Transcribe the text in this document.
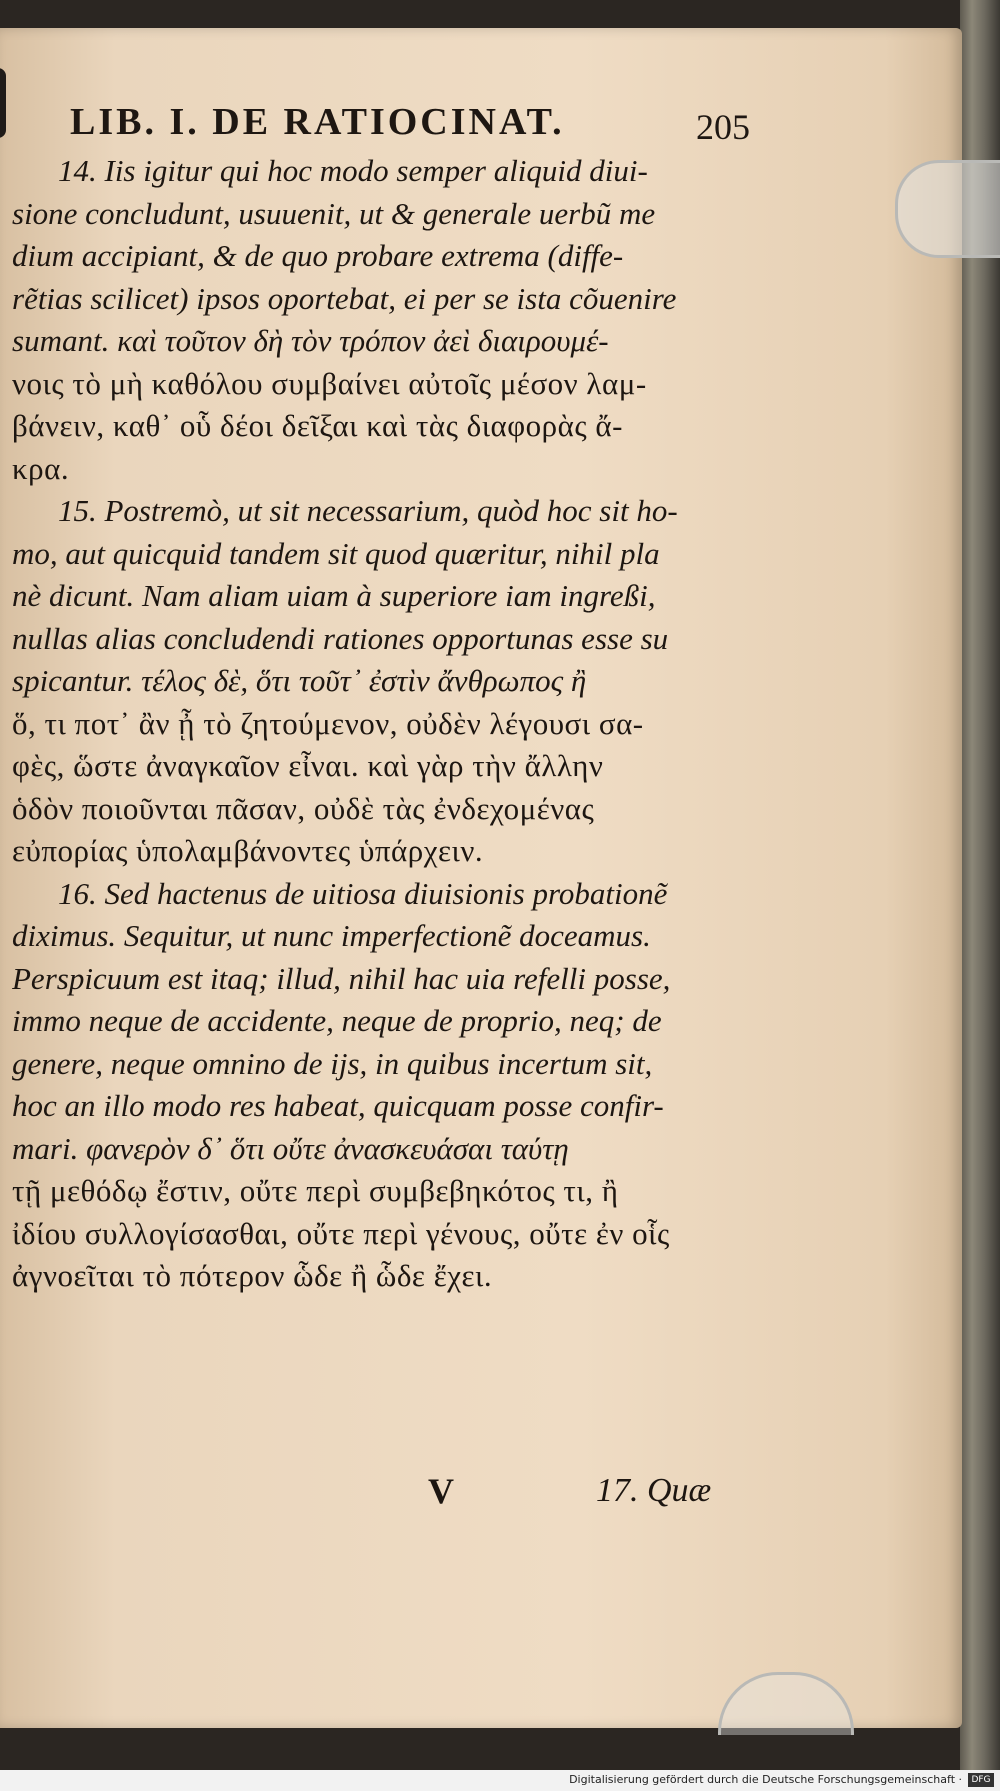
LIB. I. DE RATIOCINAT.	205
14. Iis igitur qui hoc modo semper aliquid diui-
sione concludunt, usuuenit, ut & generale uerbũ me
dium accipiant, & de quo probare extrema (diffe-
rẽtias scilicet) ipsos oportebat, ei per se ista cõuenire
sumant. καὶ τοῦτον δὴ τὸν τρόπον ἀεὶ διαιρουμέ-
νοις τὸ μὴ καθόλου συμβαίνει αὐτοῖς μέσον λαμ-
βάνειν, καθ᾽ οὗ δέοι δεῖξαι καὶ τὰς διαφορὰς ἄ-
κρα.
15. Postremò, ut sit necessarium, quòd hoc sit ho-
mo, aut quicquid tandem sit quod quæritur, nihil pla
nè dicunt. Nam aliam uiam à superiore iam ingreßi,
nullas alias concludendi rationes opportunas esse su
spicantur. τέλος δὲ, ὅτι τοῦτ᾽ ἐστὶν ἄνθρωπος ἢ
ὅ, τι ποτ᾽ ἂν ᾖ τὸ ζητούμενον, οὐδὲν λέγουσι σα-
φὲς, ὥστε ἀναγκαῖον εἶναι. καὶ γὰρ τὴν ἄλλην
ὁδὸν ποιοῦνται πᾶσαν, οὐδὲ τὰς ἐνδεχομένας
εὐπορίας ὑπολαμβάνοντες ὑπάρχειν.
16. Sed hactenus de uitiosa diuisionis probationẽ
diximus. Sequitur, ut nunc imperfectionẽ doceamus.
Perspicuum est itaq; illud, nihil hac uia refelli posse,
immo neque de accidente, neque de proprio, neq; de
genere, neque omnino de ijs, in quibus incertum sit,
hoc an illo modo res habeat, quicquam posse confir-
mari. φανερὸν δ᾽ ὅτι οὔτε ἀνασκευάσαι ταύτῃ
τῇ μεθόδῳ ἔστιν, οὔτε περὶ συμβεβηκότος τι, ἢ
ἰδίου συλλογίσασθαι, οὔτε περὶ γένους, οὔτε ἐν οἷς
ἀγνοεῖται τὸ πότερον ὧδε ἢ ὧδε ἔχει.
V	17. Quæ
Digitalisierung gefördert durch die Deutsche Forschungsgemeinschaft ·	DFG
